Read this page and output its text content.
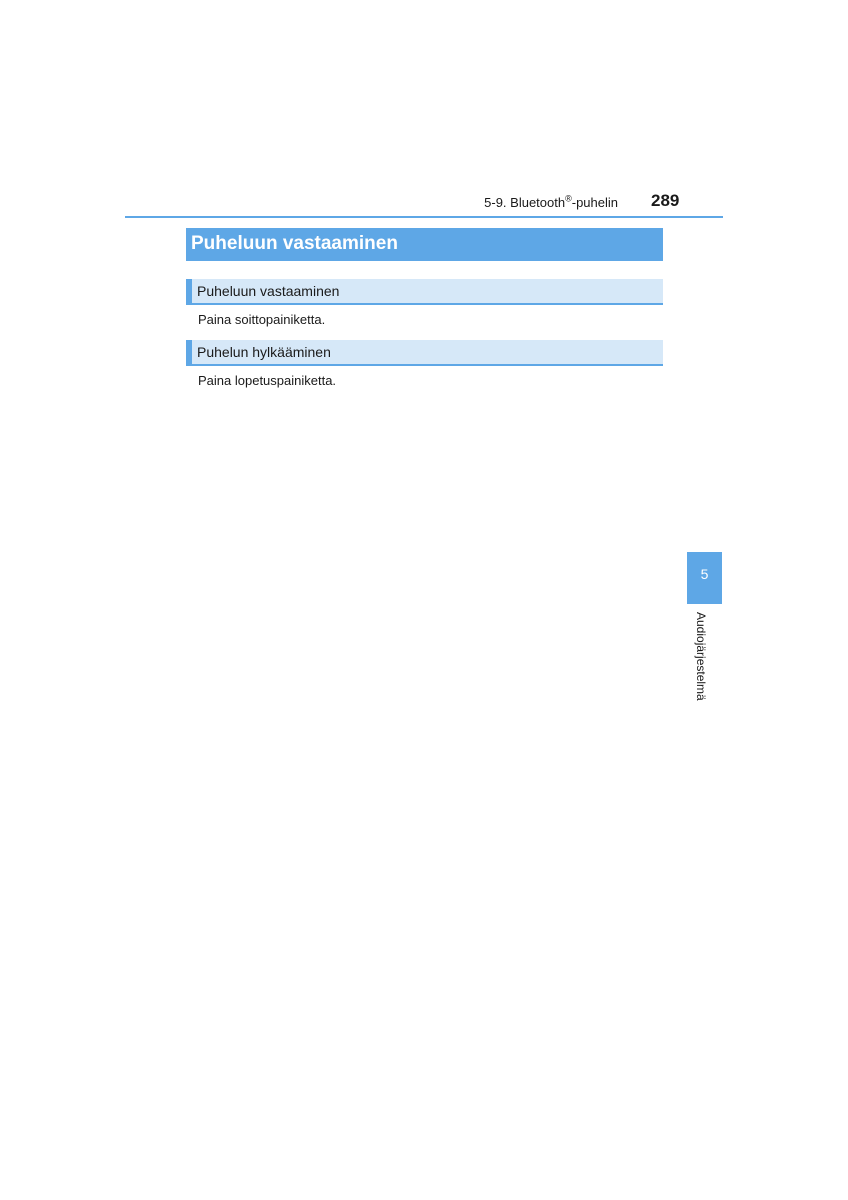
5-9. Bluetooth®-puhelin 289
Puheluun vastaaminen
Puheluun vastaaminen
Paina soittopainiketta.
Puhelun hylkääminen
Paina lopetuspainiketta.
5
Audiojärjestelmä
